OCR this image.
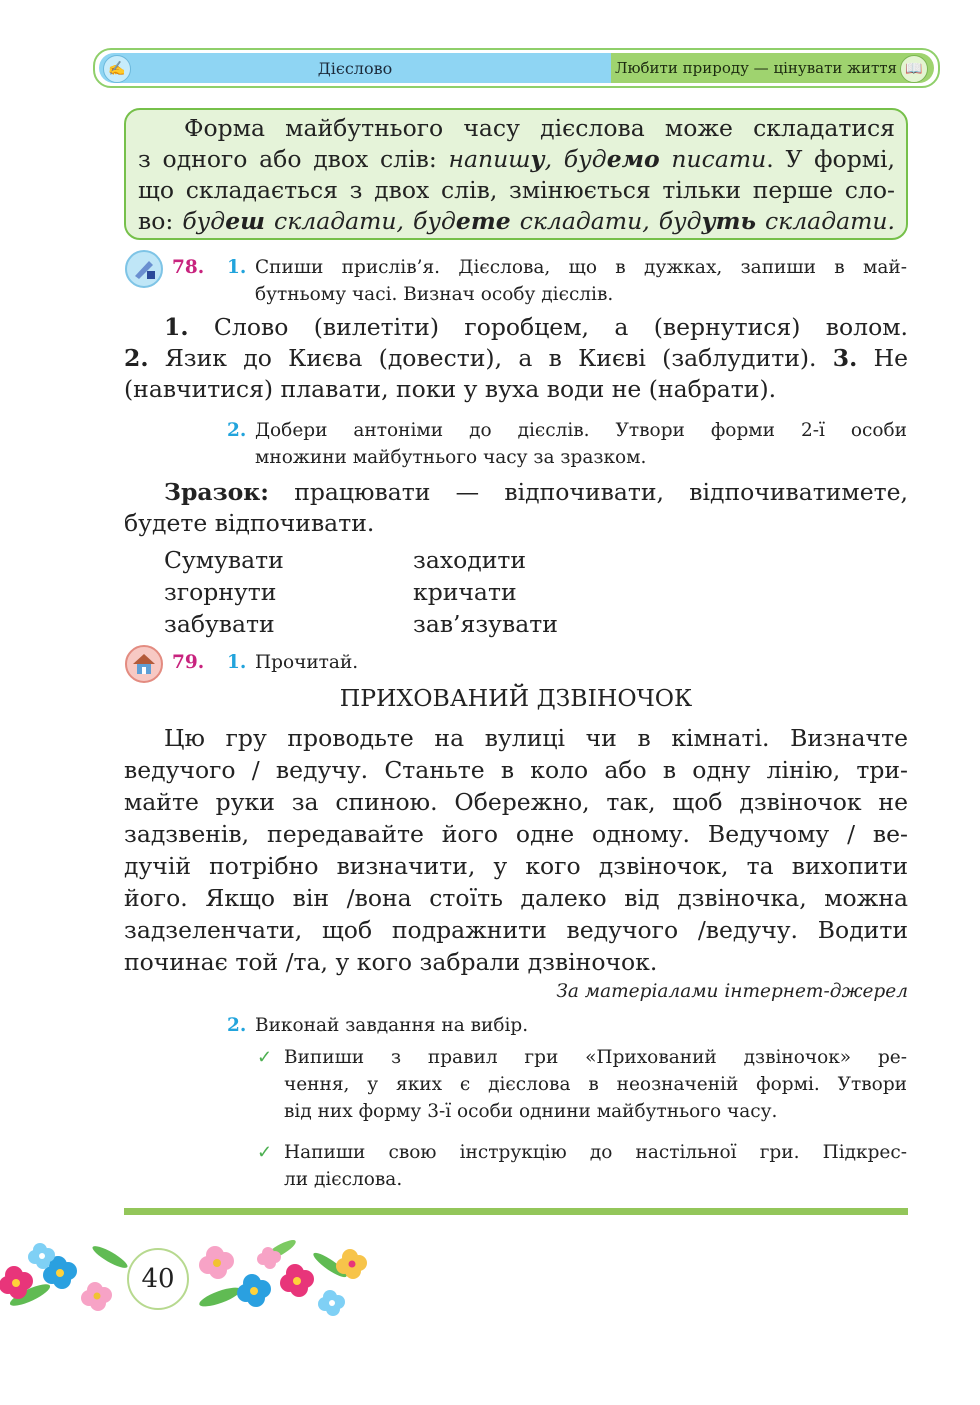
✍	Дієслово	Любити природу — цінувати життя 📖

Форма майбутнього часу дієслова може складатися

з одного або двох слів: напишу, будемо писати. У формі,

що складається з двох слів, змінюється тільки перше сло-

во: будеш складати, будете складати, будуть складати.

78. 1. Спиши прислів’я. Дієслова, що в дужках, запиши в май-
бутньому часі. Визнач особу дієслів.
1. Слово (вилетіти) горобцем, а (вернутися) волом.
2. Язик до Києва (довести), а в Києві (заблудити). 3. Не
(навчитися) плавати, поки у вуха води не (набрати).
2. Добери антоніми до дієслів. Утвори форми 2-ї особи
множини майбутнього часу за зразком.
Зразок: працювати — відпочивати, відпочиватимете,
будете відпочивати.
Сумувати
згорнути
забувати
заходити
кричати
зав’язувати
79. 1. Прочитай.
ПРИХОВАНИЙ ДЗВІНОЧОК
Цю гру проводьте на вулиці чи в кімнаті. Визначте
ведучого / ведучу. Станьте в коло або в одну лінію, три-
майте руки за спиною. Обережно, так, щоб дзвіночок не
задзвенів, передавайте його одне одному. Ведучому / ве-
дучій потрібно визначити, у кого дзвіночок, та вихопити
його. Якщо він /вона стоїть далеко від дзвіночка, можна
задзеленчати, щоб подражнити ведучого /ведучу. Водити
починає той /та, у кого забрали дзвіночок.
За матеріалами інтернет-джерел
2. Виконай завдання на вибір.
✓ Випиши з правил гри «Прихований дзвіночок» ре-
чення, у яких є дієслова в неозначеній формі. Утвори
від них форму 3-ї особи однини майбутнього часу.
✓ Напиши свою інструкцію до настільної гри. Підкрес-
ли дієслова.
40
